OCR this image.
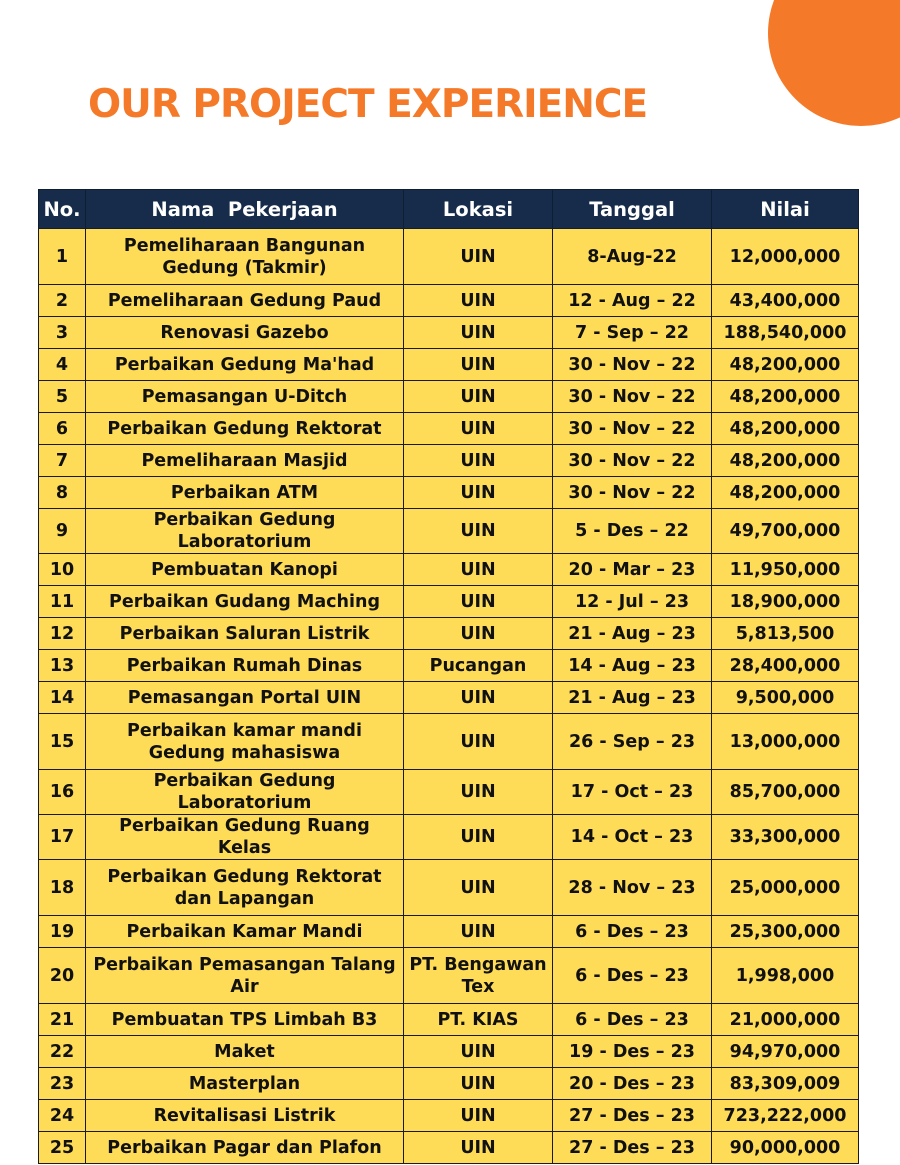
OUR PROJECT EXPERIENCE
No.	Nama  Pekerjaan	Lokasi	Tanggal	Nilai
1	Pemeliharaan Bangunan Gedung (Takmir)	UIN	8-Aug-22	12,000,000
2	Pemeliharaan Gedung Paud	UIN	12 - Aug – 22	43,400,000
3	Renovasi Gazebo	UIN	7 - Sep – 22	188,540,000
4	Perbaikan Gedung Ma'had	UIN	30 - Nov – 22	48,200,000
5	Pemasangan U-Ditch	UIN	30 - Nov – 22	48,200,000
6	Perbaikan Gedung Rektorat	UIN	30 - Nov – 22	48,200,000
7	Pemeliharaan Masjid	UIN	30 - Nov – 22	48,200,000
8	Perbaikan ATM	UIN	30 - Nov – 22	48,200,000
9	Perbaikan Gedung Laboratorium	UIN	5 - Des – 22	49,700,000
10	Pembuatan Kanopi	UIN	20 - Mar – 23	11,950,000
11	Perbaikan Gudang Maching	UIN	12 - Jul – 23	18,900,000
12	Perbaikan Saluran Listrik	UIN	21 - Aug – 23	5,813,500
13	Perbaikan Rumah Dinas	Pucangan	14 - Aug – 23	28,400,000
14	Pemasangan Portal UIN	UIN	21 - Aug – 23	9,500,000
15	Perbaikan kamar mandi Gedung mahasiswa	UIN	26 - Sep – 23	13,000,000
16	Perbaikan Gedung Laboratorium	UIN	17 - Oct – 23	85,700,000
17	Perbaikan Gedung Ruang Kelas	UIN	14 - Oct – 23	33,300,000
18	Perbaikan Gedung Rektorat dan Lapangan	UIN	28 - Nov – 23	25,000,000
19	Perbaikan Kamar Mandi	UIN	6 - Des – 23	25,300,000
20	Perbaikan Pemasangan Talang Air	PT. Bengawan Tex	6 - Des – 23	1,998,000
21	Pembuatan TPS Limbah B3	PT. KIAS	6 - Des – 23	21,000,000
22	Maket	UIN	19 - Des – 23	94,970,000
23	Masterplan	UIN	20 - Des – 23	83,309,009
24	Revitalisasi Listrik	UIN	27 - Des – 23	723,222,000
25	Perbaikan Pagar dan Plafon	UIN	27 - Des – 23	90,000,000
